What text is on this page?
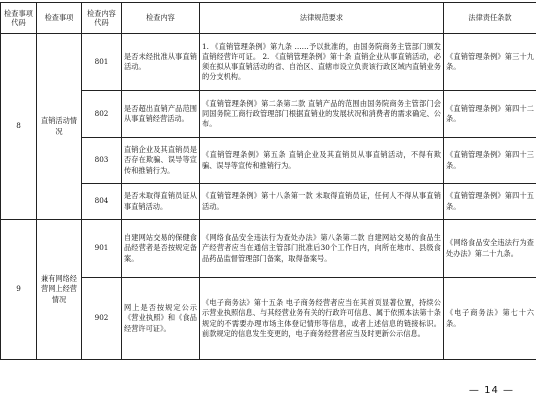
检查事项代码	检查事项	检查内容代码	检查内容	法律规范要求	法律责任条款
8	直销活动情况	801	是否未经批准从事直销活动。	1. 《直销管理条例》第九条 ……予以批准的，由国务院商务主管部门颁发直销经营许可证。 2. 《直销管理条例》第十条 直销企业从事直销活动，必须在拟从事直销活动的省、自治区、直辖市设立负责该行政区域内直销业务的分支机构。	《直销管理条例》第三十九条。
		802	是否超出直销产品范围从事直销经营活动。	《直销管理条例》第二条第二款 直销产品的范围由国务院商务主管部门会同国务院工商行政管理部门根据直销业的发展状况和消费者的需求确定、公布。	《直销管理条例》第四十二条。
		803	直销企业及其直销员是否存在欺骗、误导等宣传和推销行为。	《直销管理条例》第五条 直销企业及其直销员从事直销活动，不得有欺骗、误导等宣传和推销行为。	《直销管理条例》第四十三条。
		804	是否未取得直销员证从事直销活动。	《直销管理条例》第十八条第一款 未取得直销员证，任何人不得从事直销活动。	《直销管理条例》第四十五条。
9	兼有网络经营网上经营情况	901	自建网站交易的保健食品经营者是否按规定备案。	《网络食品安全违法行为查处办法》第八条第二款 自建网站交易的食品生产经营者应当在通信主管部门批准后30个工作日内，向所在地市、县级食品药品监督管理部门备案，取得备案号。	《网络食品安全违法行为查处办法》第二十九条。
		902	网上是否按规定公示《营业执照》和《食品经营许可证》。	《电子商务法》第十五条 电子商务经营者应当在其首页显著位置，持续公示营业执照信息、与其经营业务有关的行政许可信息、属于依照本法第十条规定的不需要办理市场主体登记情形等信息，或者上述信息的链接标识。 前款规定的信息发生变更的，电子商务经营者应当及时更新公示信息。	《电子商务法》第七十六条。
— 14 —
